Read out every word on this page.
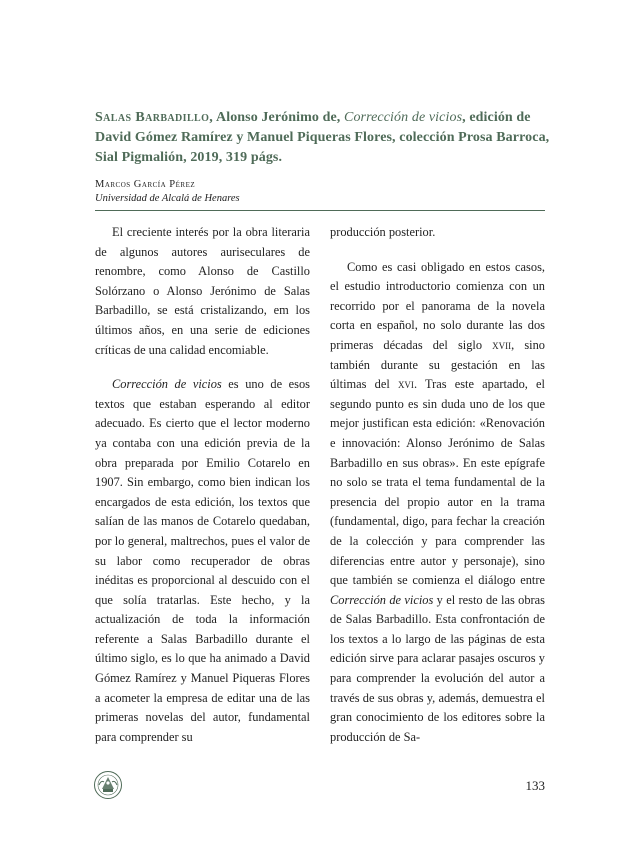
Salas Barbadillo, Alonso Jerónimo de, Corrección de vicios, edición de David Gómez Ramírez y Manuel Piqueras Flores, colección Prosa Barroca, Sial Pigmalión, 2019, 319 págs.

Marcos García Pérez

Universidad de Alcalá de Henares

El creciente interés por la obra literaria de algunos autores auriseculares de renombre, como Alonso de Castillo Solórzano o Alonso Jerónimo de Salas Barbadillo, se está cristalizando, em los últimos años, en una serie de ediciones críticas de una calidad encomiable.

Corrección de vicios es uno de esos textos que estaban esperando al editor adecuado. Es cierto que el lector moderno ya contaba con una edición previa de la obra preparada por Emilio Cotarelo en 1907. Sin embargo, como bien indican los encargados de esta edición, los textos que salían de las manos de Cotarelo quedaban, por lo general, maltrechos, pues el valor de su labor como recuperador de obras inéditas es proporcional al descuido con el que solía tratarlas. Este hecho, y la actualización de toda la información referente a Salas Barbadillo durante el último siglo, es lo que ha animado a David Gómez Ramírez y Manuel Piqueras Flores a acometer la empresa de editar una de las primeras novelas del autor, fundamental para comprender su

producción posterior.

Como es casi obligado en estos casos, el estudio introductorio comienza con un recorrido por el panorama de la novela corta en español, no solo durante las dos primeras décadas del siglo xvii, sino también durante su gestación en las últimas del xvi. Tras este apartado, el segundo punto es sin duda uno de los que mejor justifican esta edición: «Renovación e innovación: Alonso Jerónimo de Salas Barbadillo en sus obras». En este epígrafe no solo se trata el tema fundamental de la presencia del propio autor en la trama (fundamental, digo, para fechar la creación de la colección y para comprender las diferencias entre autor y personaje), sino que también se comienza el diálogo entre Corrección de vicios y el resto de las obras de Salas Barbadillo. Esta confrontación de los textos a lo largo de las páginas de esta edición sirve para aclarar pasajes oscuros y para comprender la evolución del autor a través de sus obras y, además, demuestra el gran conocimiento de los editores sobre la producción de Sa-

133
